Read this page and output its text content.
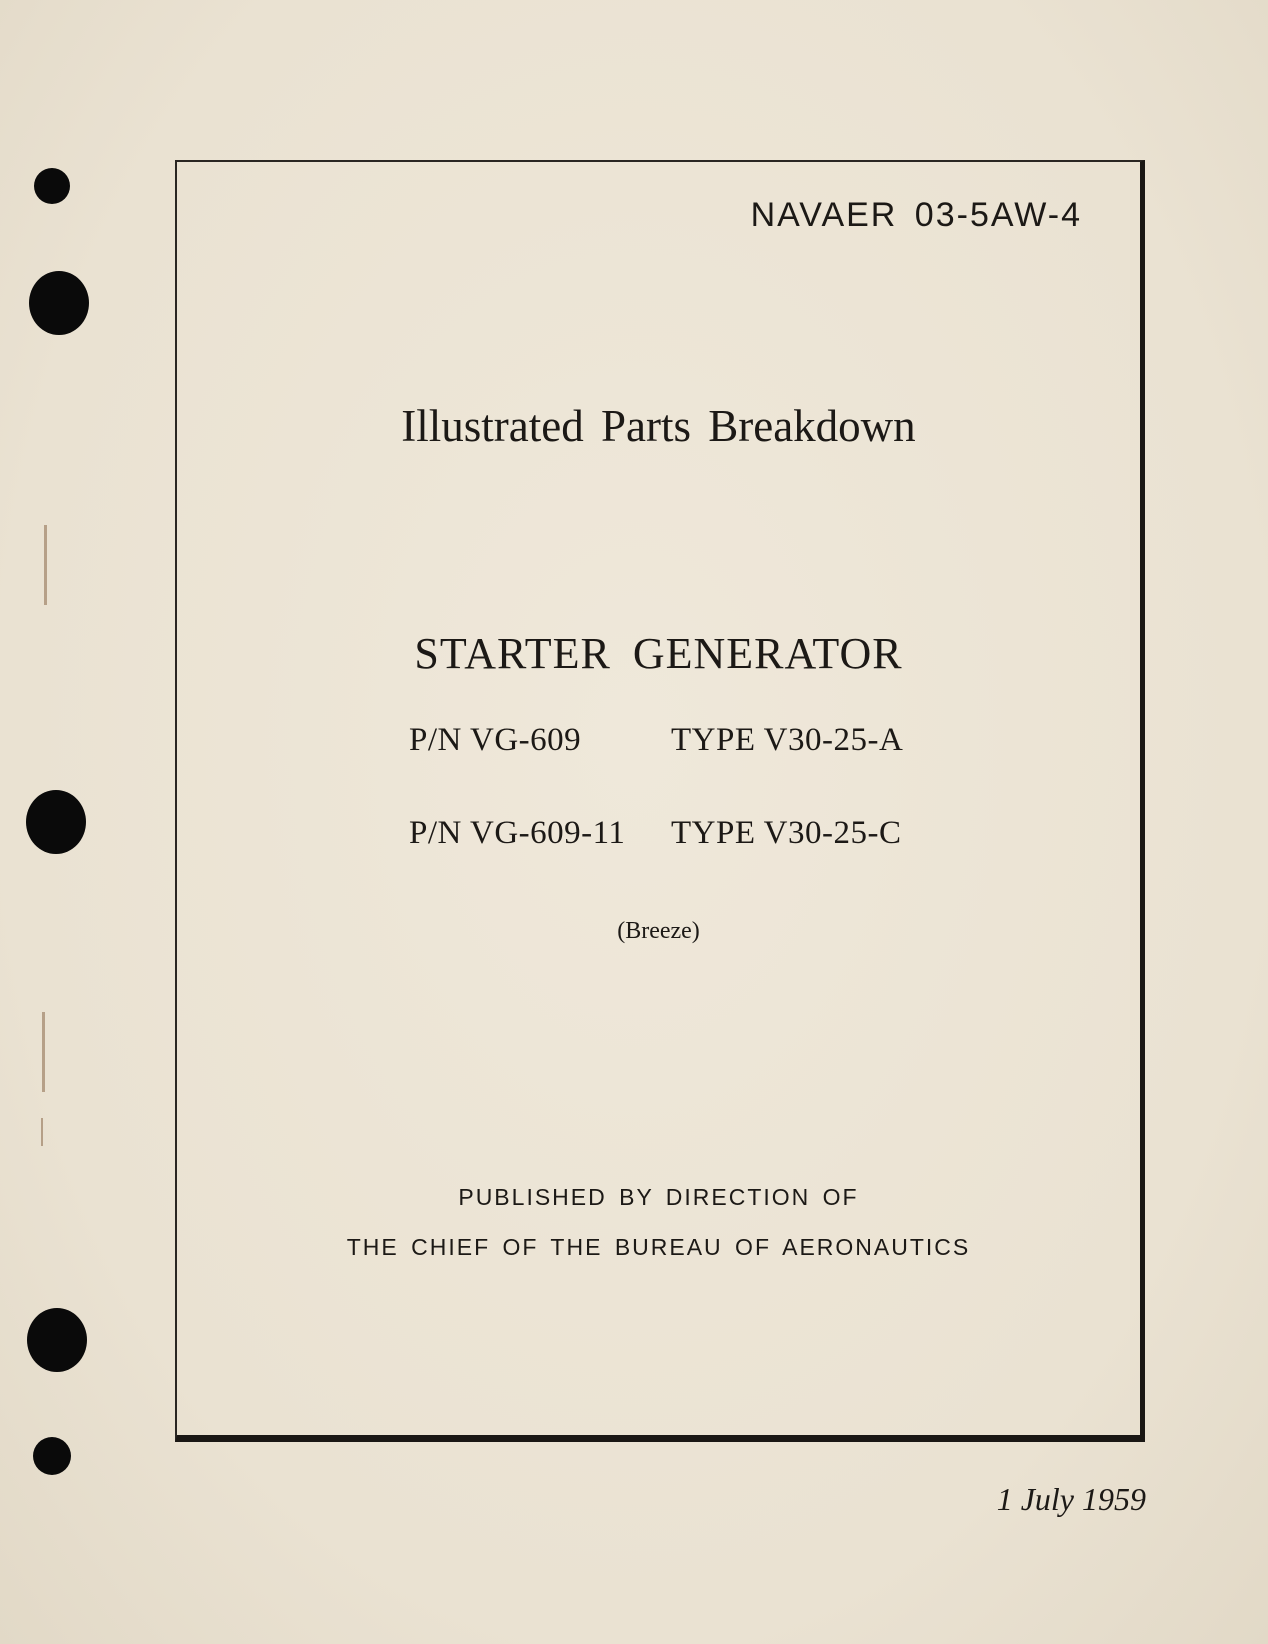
NAVAER 03-5AW-4
Illustrated Parts Breakdown
STARTER GENERATOR
P/N VG-609	TYPE V30-25-A
P/N VG-609-11 TYPE V30-25-C
(Breeze)
PUBLISHED BY DIRECTION OF
THE CHIEF OF THE BUREAU OF AERONAUTICS
1 July 1959
